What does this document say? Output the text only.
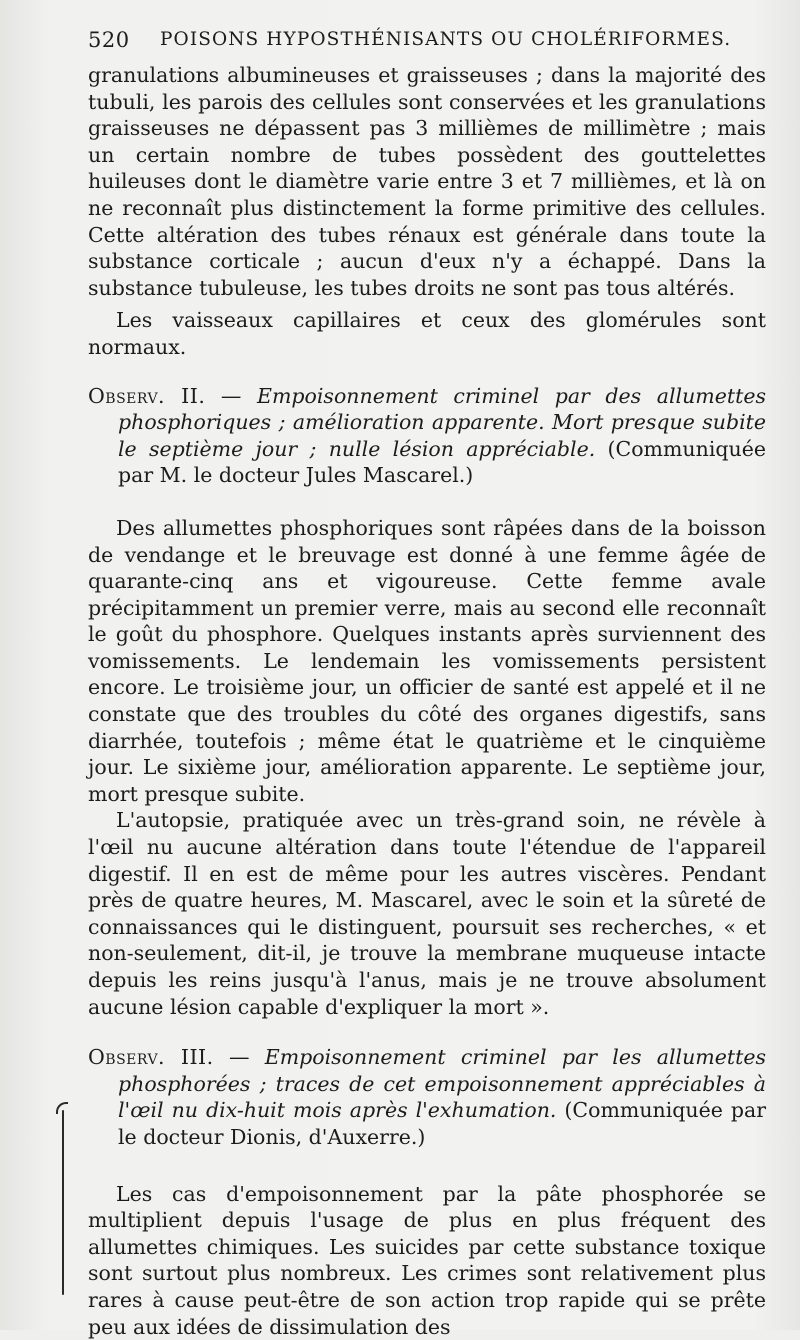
520 POISONS HYPOSTHÉNISANTS OU CHOLÉRIFORMES.

granulations albumineuses et graisseuses ; dans la majorité des tubuli, les parois des cellules sont conservées et les granulations graisseuses ne dépassent pas 3 millièmes de millimètre ; mais un certain nombre de tubes possèdent des gouttelettes huileuses dont le diamètre varie entre 3 et 7 millièmes, et là on ne reconnaît plus distinctement la forme primitive des cellules. Cette altération des tubes rénaux est générale dans toute la substance corticale ; aucun d'eux n'y a échappé. Dans la substance tubuleuse, les tubes droits ne sont pas tous altérés.

Les vaisseaux capillaires et ceux des glomérules sont normaux.

Observ. II. — Empoisonnement criminel par des allumettes phosphoriques ; amélioration apparente. Mort presque subite le septième jour ; nulle lésion appréciable. (Communiquée par M. le docteur Jules Mascarel.)

Des allumettes phosphoriques sont râpées dans de la boisson de vendange et le breuvage est donné à une femme âgée de quarante-cinq ans et vigoureuse. Cette femme avale précipitamment un premier verre, mais au second elle reconnaît le goût du phosphore. Quelques instants après surviennent des vomissements. Le lendemain les vomissements persistent encore. Le troisième jour, un officier de santé est appelé et il ne constate que des troubles du côté des organes digestifs, sans diarrhée, toutefois ; même état le quatrième et le cinquième jour. Le sixième jour, amélioration apparente. Le septième jour, mort presque subite.

L'autopsie, pratiquée avec un très-grand soin, ne révèle à l'œil nu aucune altération dans toute l'étendue de l'appareil digestif. Il en est de même pour les autres viscères. Pendant près de quatre heures, M. Mascarel, avec le soin et la sûreté de connaissances qui le distinguent, poursuit ses recherches, « et non-seulement, dit-il, je trouve la membrane muqueuse intacte depuis les reins jusqu'à l'anus, mais je ne trouve absolument aucune lésion capable d'expliquer la mort ».

Observ. III. — Empoisonnement criminel par les allumettes phosphorées ; traces de cet empoisonnement appréciables à l'œil nu dix-huit mois après l'exhumation. (Communiquée par le docteur Dionis, d'Auxerre.)

Les cas d'empoisonnement par la pâte phosphorée se multiplient depuis l'usage de plus en plus fréquent des allumettes chimiques. Les suicides par cette substance toxique sont surtout plus nombreux. Les crimes sont relativement plus rares à cause peut-être de son action trop rapide qui se prête peu aux idées de dissimulation des
